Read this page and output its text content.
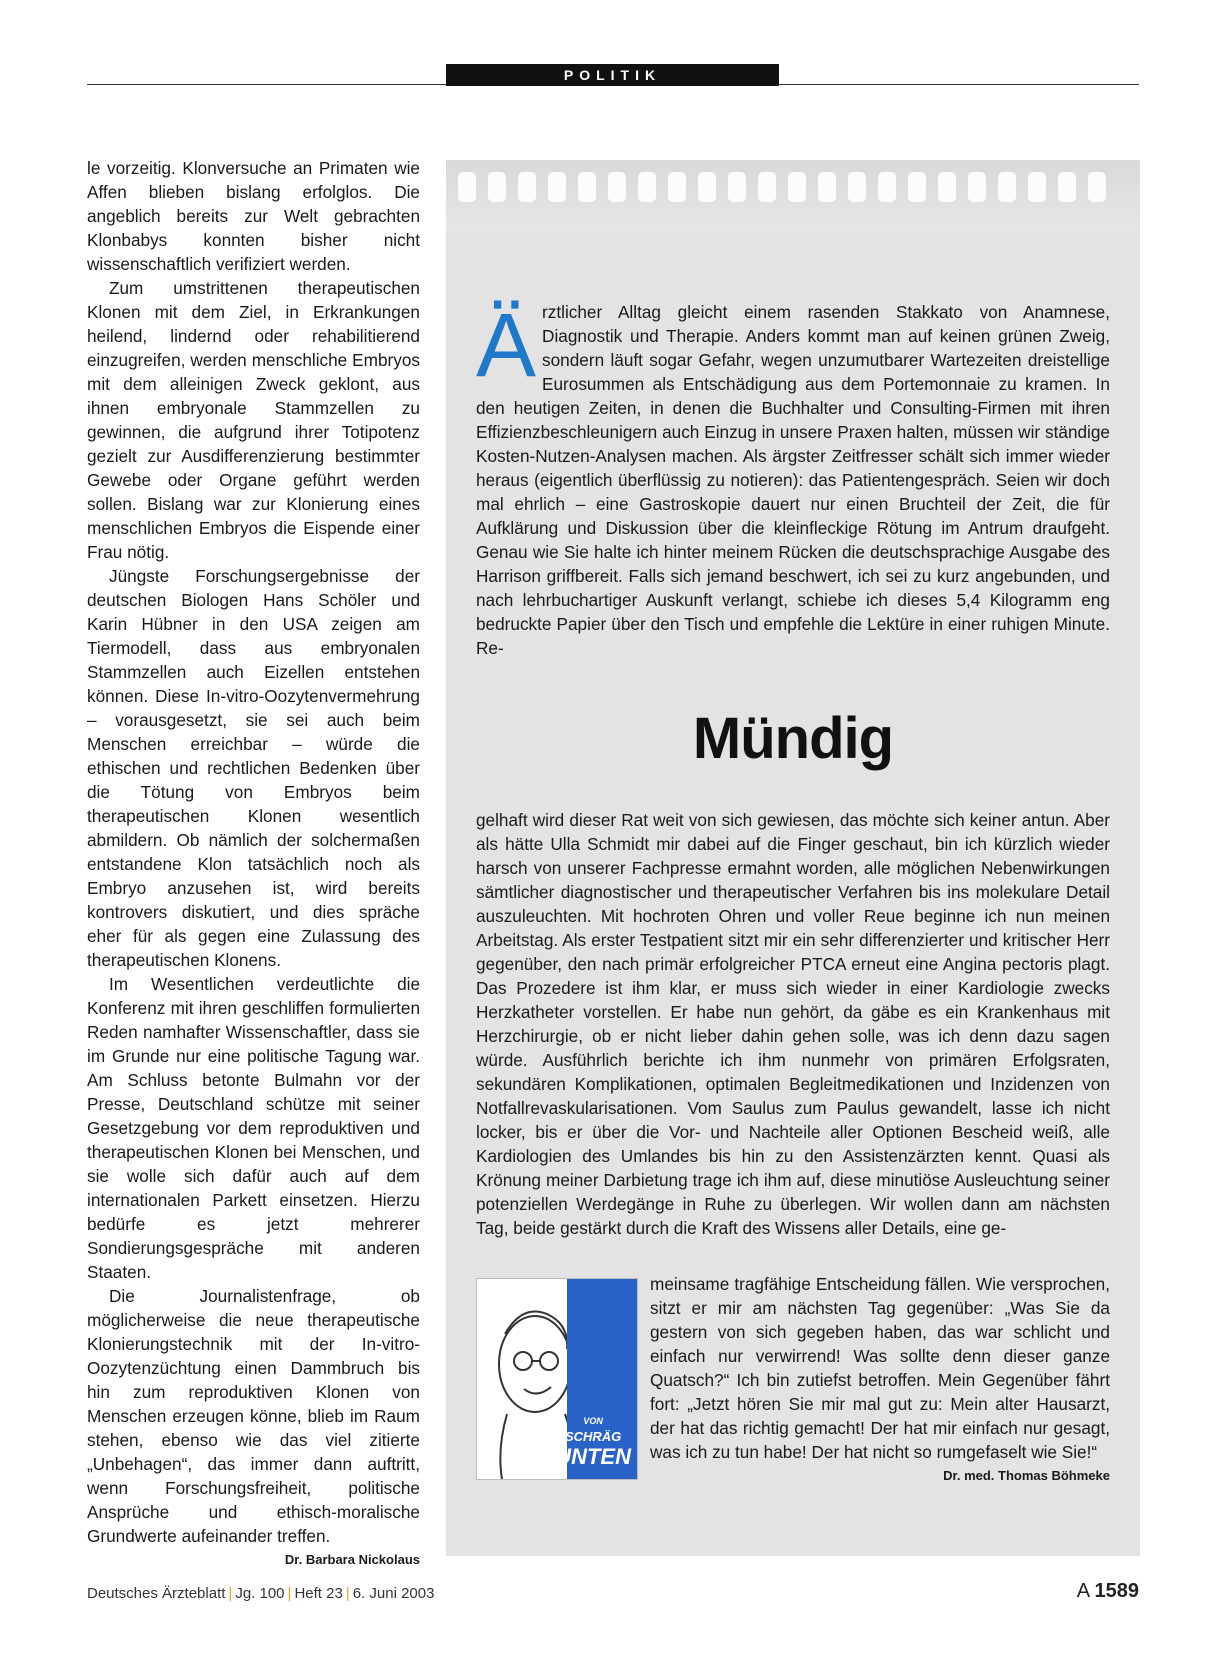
POLITIK

le vorzeitig. Klonversuche an Primaten wie Affen blieben bislang erfolglos. Die angeblich bereits zur Welt gebrachten Klonbabys konnten bisher nicht wissenschaftlich verifiziert werden.

Zum umstrittenen therapeutischen Klonen mit dem Ziel, in Erkrankungen heilend, lindernd oder rehabilitierend einzugreifen, werden menschliche Embryos mit dem alleinigen Zweck geklont, aus ihnen embryonale Stammzellen zu gewinnen, die aufgrund ihrer Totipotenz gezielt zur Ausdifferenzierung bestimmter Gewebe oder Organe geführt werden sollen. Bislang war zur Klonierung eines menschlichen Embryos die Eispende einer Frau nötig.

Jüngste Forschungsergebnisse der deutschen Biologen Hans Schöler und Karin Hübner in den USA zeigen am Tiermodell, dass aus embryonalen Stammzellen auch Eizellen entstehen können. Diese In-vitro-Oozytenvermehrung – vorausgesetzt, sie sei auch beim Menschen erreichbar – würde die ethischen und rechtlichen Bedenken über die Tötung von Embryos beim therapeutischen Klonen wesentlich abmildern. Ob nämlich der solchermaßen entstandene Klon tatsächlich noch als Embryo anzusehen ist, wird bereits kontrovers diskutiert, und dies spräche eher für als gegen eine Zulassung des therapeutischen Klonens.

Im Wesentlichen verdeutlichte die Konferenz mit ihren geschliffen formulierten Reden namhafter Wissenschaftler, dass sie im Grunde nur eine politische Tagung war. Am Schluss betonte Bulmahn vor der Presse, Deutschland schütze mit seiner Gesetzgebung vor dem reproduktiven und therapeutischen Klonen bei Menschen, und sie wolle sich dafür auch auf dem internationalen Parkett einsetzen. Hierzu bedürfe es jetzt mehrerer Sondierungsgespräche mit anderen Staaten.

Die Journalistenfrage, ob möglicherweise die neue therapeutische Klonierungstechnik mit der In-vitro-Oozytenzüchtung einen Dammbruch bis hin zum reproduktiven Klonen von Menschen erzeugen könne, blieb im Raum stehen, ebenso wie das viel zitierte „Unbehagen“, das immer dann auftritt, wenn Forschungsfreiheit, politische Ansprüche und ethisch-moralische Grundwerte aufeinander treffen.
Dr. Barbara Nickolaus

Ärztlicher Alltag gleicht einem rasenden Stakkato von Anamnese, Diagnostik und Therapie. Anders kommt man auf keinen grünen Zweig, sondern läuft sogar Gefahr, wegen unzumutbarer Wartezeiten dreistellige Eurosummen als Entschädigung aus dem Portemonnaie zu kramen. In den heutigen Zeiten, in denen die Buchhalter und Consulting-Firmen mit ihren Effizienzbeschleunigern auch Einzug in unsere Praxen halten, müssen wir ständige Kosten-Nutzen-Analysen machen. Als ärgster Zeitfresser schält sich immer wieder heraus (eigentlich überflüssig zu notieren): das Patientengespräch. Seien wir doch mal ehrlich – eine Gastroskopie dauert nur einen Bruchteil der Zeit, die für Aufklärung und Diskussion über die kleinfleckige Rötung im Antrum draufgeht. Genau wie Sie halte ich hinter meinem Rücken die deutschsprachige Ausgabe des Harrison griffbereit. Falls sich jemand beschwert, ich sei zu kurz angebunden, und nach lehrbuchartiger Auskunft verlangt, schiebe ich dieses 5,4 Kilogramm eng bedruckte Papier über den Tisch und empfehle die Lektüre in einer ruhigen Minute. Re-
Mündig
gelhaft wird dieser Rat weit von sich gewiesen, das möchte sich keiner antun. Aber als hätte Ulla Schmidt mir dabei auf die Finger geschaut, bin ich kürzlich wieder harsch von unserer Fachpresse ermahnt worden, alle möglichen Nebenwirkungen sämtlicher diagnostischer und therapeutischer Verfahren bis ins molekulare Detail auszuleuchten. Mit hochroten Ohren und voller Reue beginne ich nun meinen Arbeitstag. Als erster Testpatient sitzt mir ein sehr differenzierter und kritischer Herr gegenüber, den nach primär erfolgreicher PTCA erneut eine Angina pectoris plagt. Das Prozedere ist ihm klar, er muss sich wieder in einer Kardiologie zwecks Herzkatheter vorstellen. Er habe nun gehört, da gäbe es ein Krankenhaus mit Herzchirurgie, ob er nicht lieber dahin gehen solle, was ich denn dazu sagen würde. Ausführlich berichte ich ihm nunmehr von primären Erfolgsraten, sekundären Komplikationen, optimalen Begleitmedikationen und Inzidenzen von Notfallrevaskularisationen. Vom Saulus zum Paulus gewandelt, lasse ich nicht locker, bis er über die Vor- und Nachteile aller Optionen Bescheid weiß, alle Kardiologien des Umlandes bis hin zu den Assistenzärzten kennt. Quasi als Krönung meiner Darbietung trage ich ihm auf, diese minutiöse Ausleuchtung seiner potenziellen Werdegänge in Ruhe zu überlegen. Wir wollen dann am nächsten Tag, beide gestärkt durch die Kraft des Wissens aller Details, eine ge-
VON
SCHRÄG
UNTEN
meinsame tragfähige Entscheidung fällen. Wie versprochen, sitzt er mir am nächsten Tag gegenüber: „Was Sie da gestern von sich gegeben haben, das war schlicht und einfach nur verwirrend! Was sollte denn dieser ganze Quatsch?“ Ich bin zutiefst betroffen. Mein Gegenüber fährt fort: „Jetzt hören Sie mir mal gut zu: Mein alter Hausarzt, der hat das richtig gemacht! Der hat mir einfach nur gesagt, was ich zu tun habe! Der hat nicht so rumgefaselt wie Sie!“
Dr. med. Thomas Böhmeke
Deutsches Ärzteblatt | Jg. 100 | Heft 23 | 6. Juni 2003	A 1589
